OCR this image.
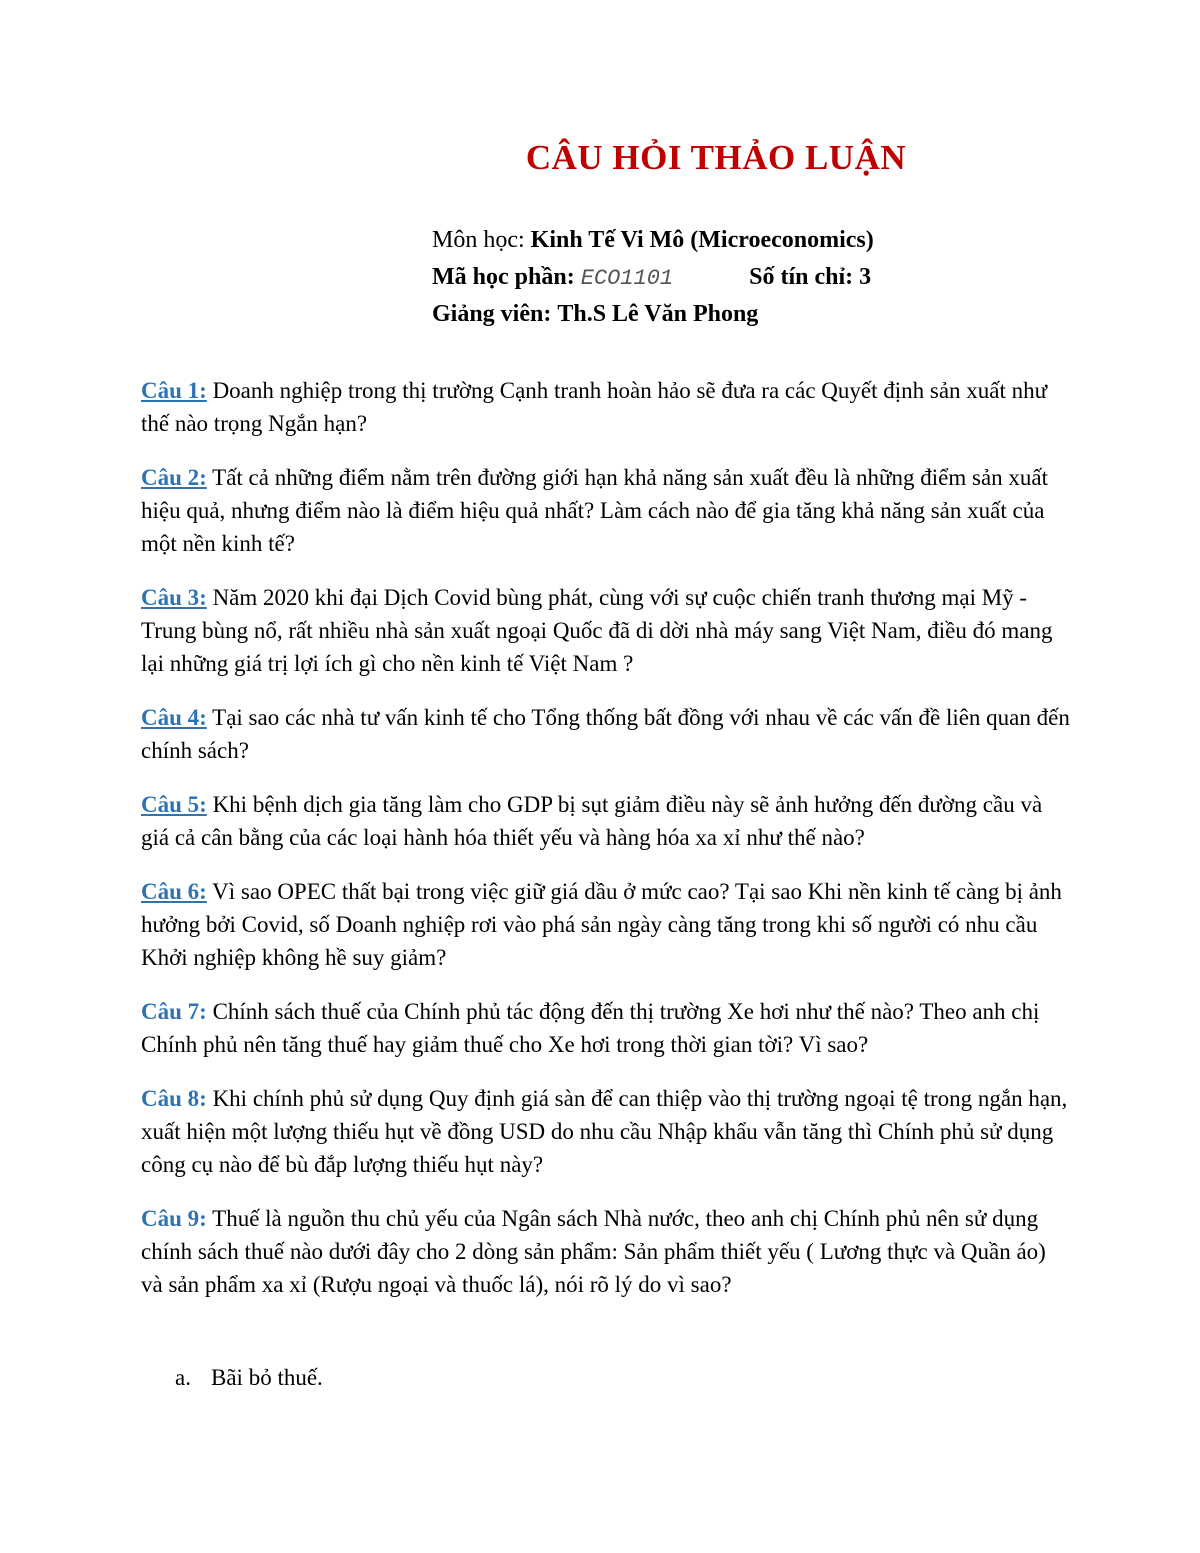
CÂU HỎI THẢO LUẬN
Môn học: Kinh Tế Vi Mô (Microeconomics)
Mã học phần: ECO1101	Số tín chỉ: 3
Giảng viên: Th.S Lê Văn Phong

Câu 1: Doanh nghiệp trong thị trường Cạnh tranh hoàn hảo sẽ đưa ra các Quyết định sản xuất như thế nào trọng Ngắn hạn?

Câu 2: Tất cả những điểm nằm trên đường giới hạn khả năng sản xuất đều là những điểm sản xuất hiệu quả, nhưng điểm nào là điểm hiệu quả nhất? Làm cách nào để gia tăng khả năng sản xuất của một nền kinh tế?

Câu 3: Năm 2020 khi đại Dịch Covid bùng phát, cùng với sự cuộc chiến tranh thương mại Mỹ - Trung bùng nổ, rất nhiều nhà sản xuất ngoại Quốc đã di dời nhà máy sang Việt Nam, điều đó mang lại những giá trị lợi ích gì cho nền kinh tế Việt Nam ?

Câu 4: Tại sao các nhà tư vấn kinh tế cho Tổng thống bất đồng với nhau về các vấn đề liên quan đến chính sách?

Câu 5: Khi bệnh dịch gia tăng làm cho GDP bị sụt giảm điều này sẽ ảnh hưởng đến đường cầu và giá cả cân bằng của các loại hành hóa thiết yếu và hàng hóa xa xỉ như thế nào?

Câu 6: Vì sao OPEC thất bại trong việc giữ giá dầu ở mức cao? Tại sao Khi nền kinh tế càng bị ảnh hưởng bởi Covid, số Doanh nghiệp rơi vào phá sản ngày càng tăng trong khi số người có nhu cầu Khởi nghiệp không hề suy giảm?

Câu 7: Chính sách thuế của Chính phủ tác động đến thị trường Xe hơi như thế nào? Theo anh chị Chính phủ nên tăng thuế hay giảm thuế cho Xe hơi trong thời gian tời? Vì sao?

Câu 8: Khi chính phủ sử dụng Quy định giá sàn để can thiệp vào thị trường ngoại tệ trong ngắn hạn, xuất hiện một lượng thiếu hụt về đồng USD do nhu cầu Nhập khẩu vẫn tăng thì Chính phủ sử dụng công cụ nào để bù đắp lượng thiếu hụt này?

Câu 9: Thuế là nguồn thu chủ yếu của Ngân sách Nhà nước, theo anh chị Chính phủ nên sử dụng chính sách thuế nào dưới đây cho 2 dòng sản phẩm: Sản phẩm thiết yếu ( Lương thực và Quần áo) và sản phẩm xa xỉ (Rượu ngoại và thuốc lá), nói rõ lý do vì sao?

a. Bãi bỏ thuế.
